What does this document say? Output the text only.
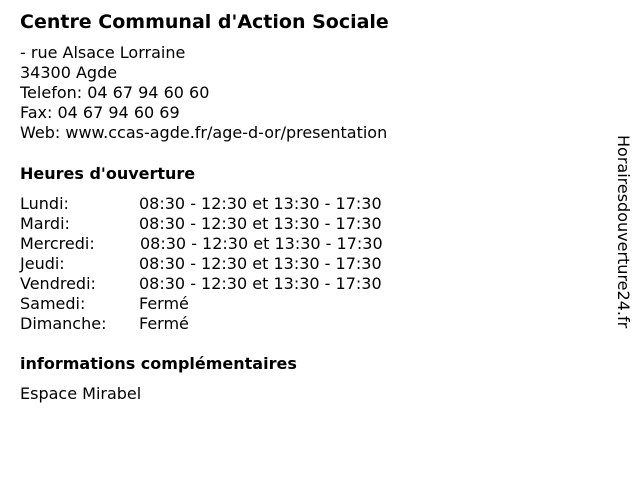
Centre Communal d'Action Sociale
- rue Alsace Lorraine
34300 Agde
Telefon: 04 67 94 60 60
Fax: 04 67 94 60 69
Web: www.ccas-agde.fr/age-d-or/presentation
Heures d'ouverture
Lundi:	08:30 - 12:30 et 13:30 - 17:30
Mardi:	08:30 - 12:30 et 13:30 - 17:30
Mercredi:	08:30 - 12:30 et 13:30 - 17:30
Jeudi:	08:30 - 12:30 et 13:30 - 17:30
Vendredi:	08:30 - 12:30 et 13:30 - 17:30
Samedi:	Fermé
Dimanche: Fermé
informations complémentaires
Espace Mirabel
Horairesdouverture24.fr
